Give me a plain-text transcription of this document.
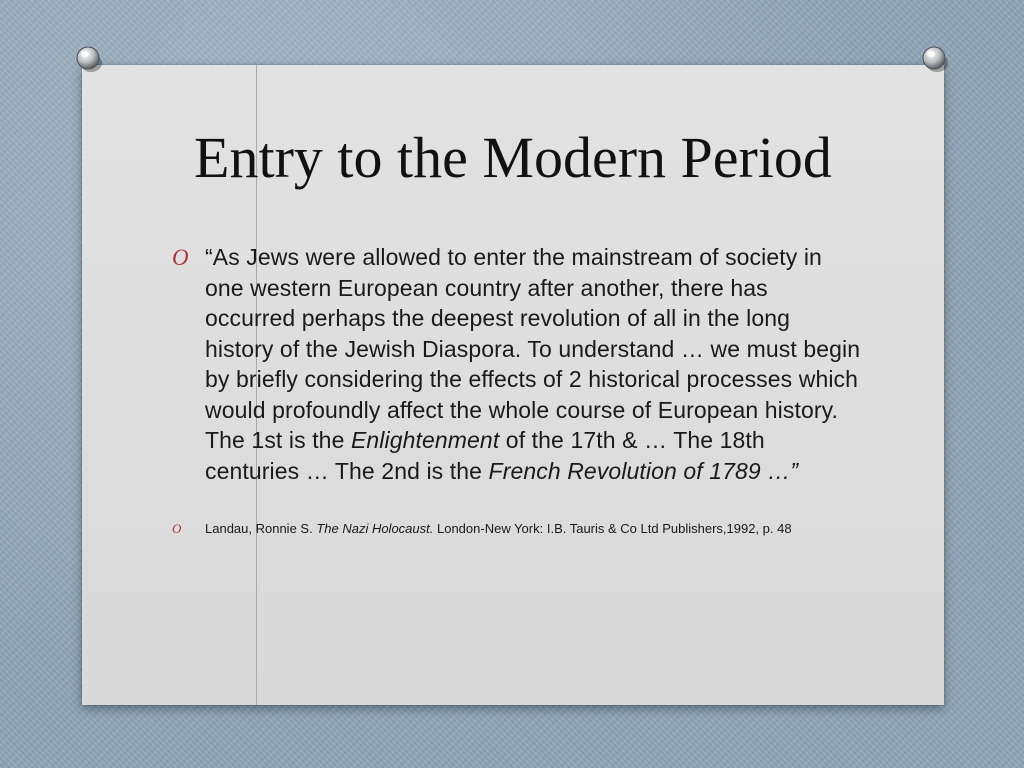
Entry to the Modern Period
O “As Jews were allowed to enter the mainstream of society in one western European country after another, there has occurred perhaps the deepest revolution of all in the long history of the Jewish Diaspora. To understand … we must begin by briefly considering the effects of 2 historical processes which would profoundly affect the whole course of European history. The 1st is the Enlightenment of the 17th & … The 18th centuries … The 2nd is the French Revolution of 1789 …”
O Landau, Ronnie S. The Nazi Holocaust. London-New York: I.B. Tauris & Co Ltd Publishers,1992, p. 48
